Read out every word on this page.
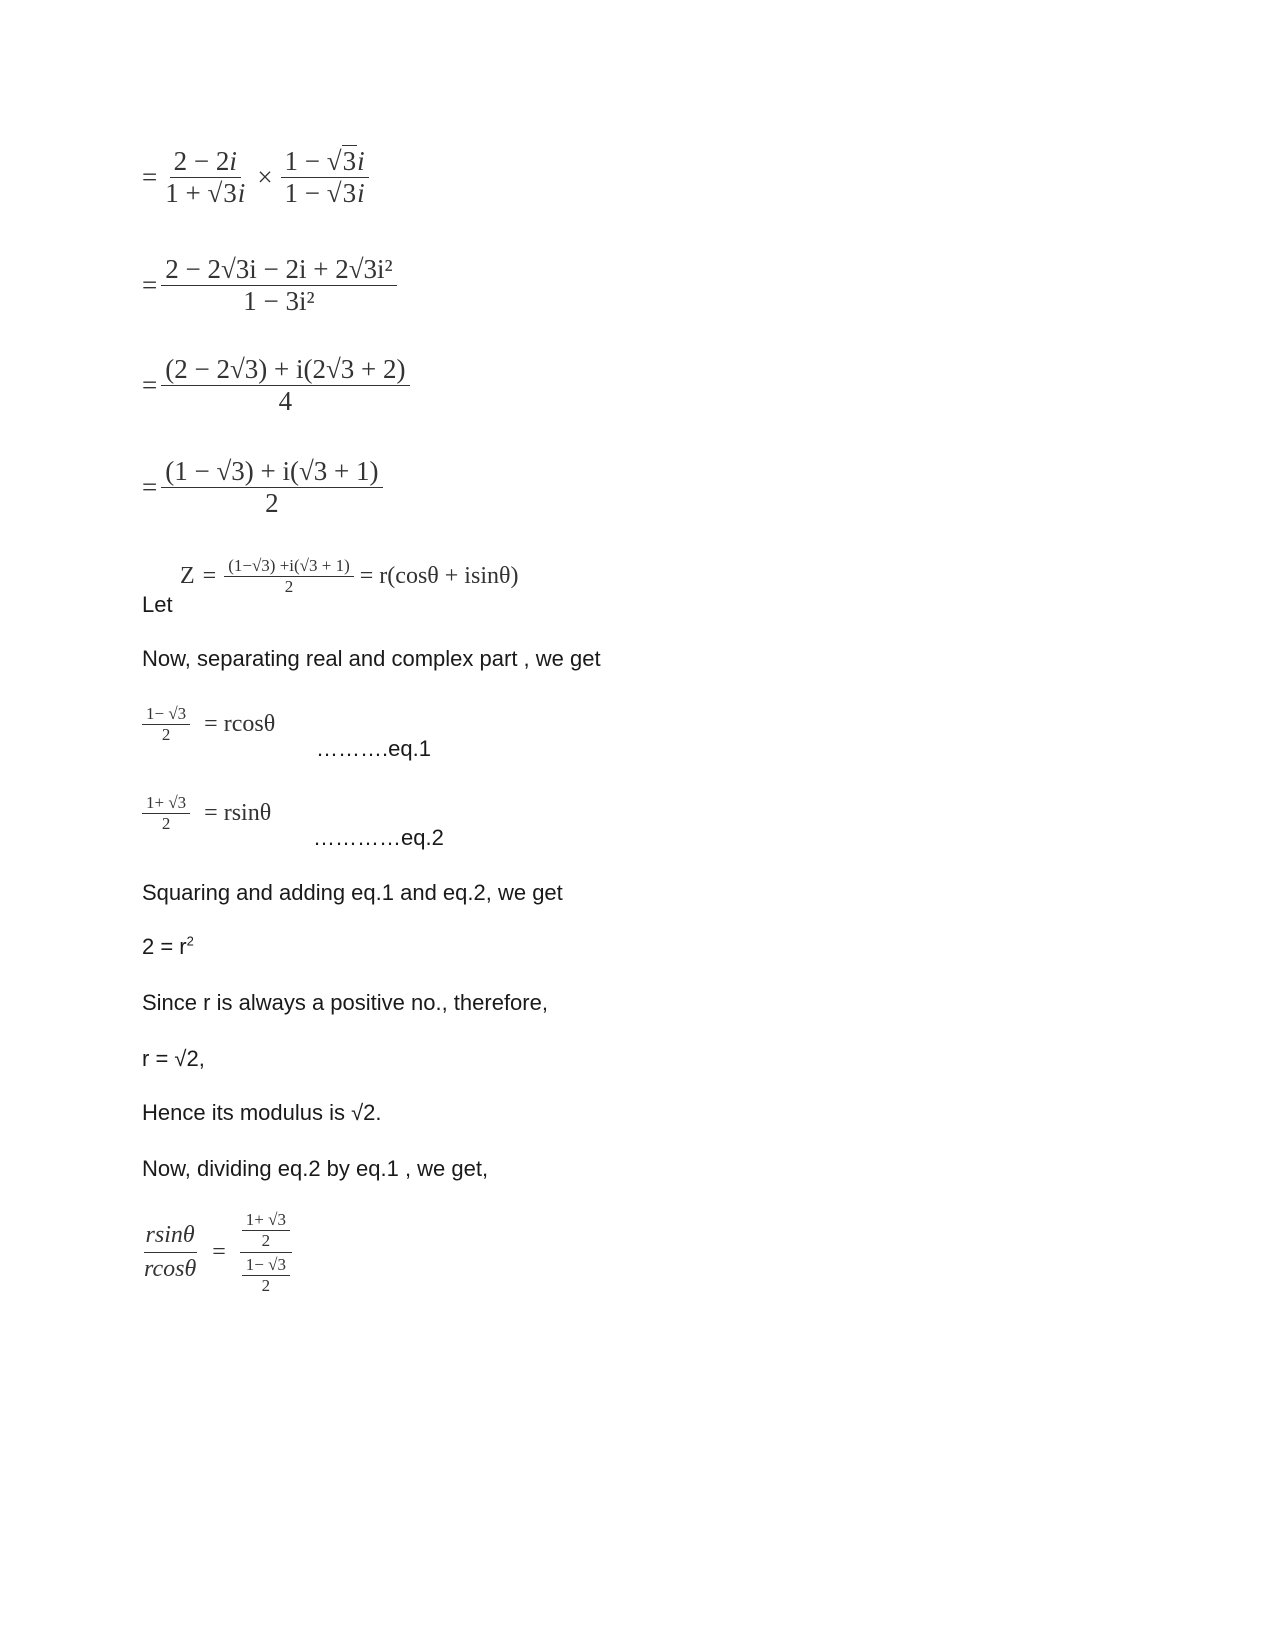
= $\frac{2 - 2i}{1 + √3i} \times \frac{1 - √3i}{1 - √3i}$
= $\frac{\text{2 − 2√3i − 2i + 2√3i²}}{\text{1 − 3i²}}$
= $\frac{(2 - 2√3) + i(2√3 + 2)}{4}$
= $\frac{(1 - √3) + i(√3 + 1)}{2}$
Let
$Z = \frac{(1-√3) +i(√3 + 1)}{2} = r(\cos\theta + isin\theta)$
Now, separating real and complex part , we get
$\frac{1- √3}{2} = rcos\theta$
……….eq.1
$\frac{1+ √3}{2} = rsin\theta$
…………eq.2
Squaring and adding eq.1 and eq.2, we get
$2 = r^2$
Since r is always a positive no., therefore,
r = √2,
Hence its modulus is √2.
Now, dividing eq.2 by eq.1 , we get,
$\frac{rsin\theta}{rcos\theta} = \frac{\frac{1+ √3}{2}}{\frac{1- √3}{2}}$
